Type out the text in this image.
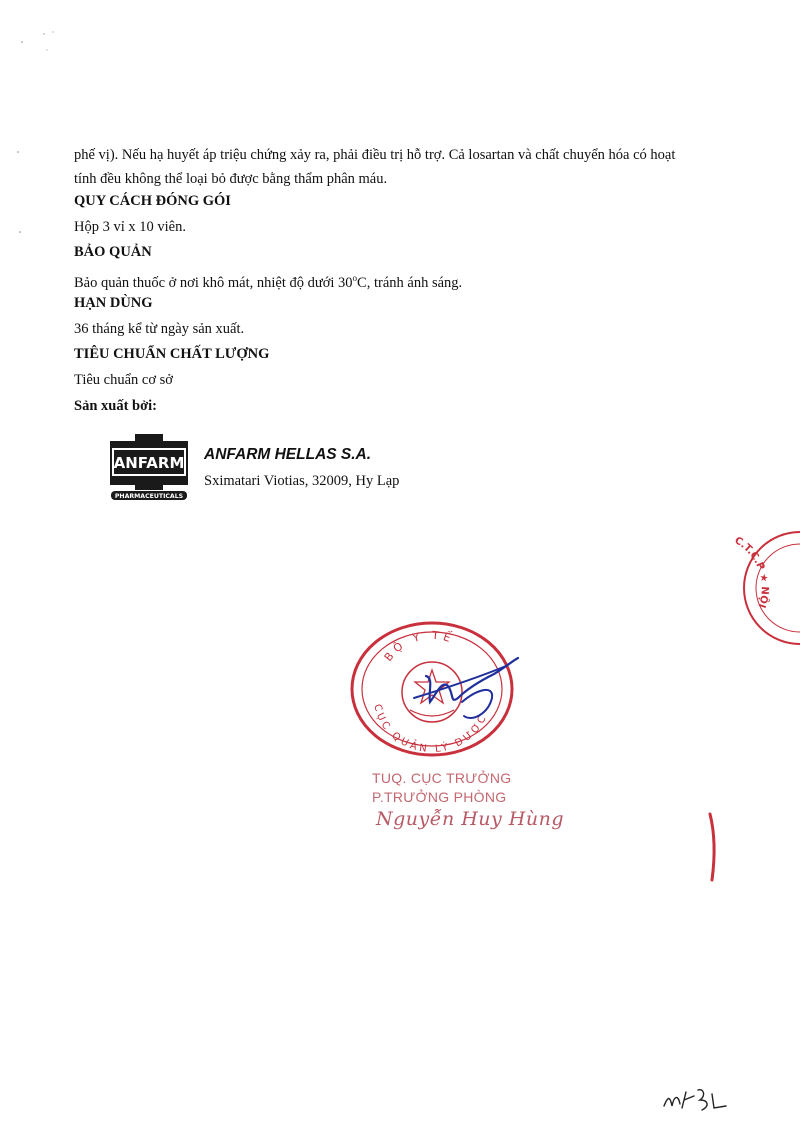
phế vị). Nếu hạ huyết áp triệu chứng xảy ra, phải điều trị hỗ trợ. Cả losartan và chất chuyển hóa có hoạt
tính đều không thể loại bỏ được bằng thẩm phân máu.
QUY CÁCH ĐÓNG GÓI
Hộp 3 vỉ x 10 viên.
BẢO QUẢN
Bảo quản thuốc ở nơi khô mát, nhiệt độ dưới 30$^o$C, tránh ánh sáng.
HẠN DÙNG
36 tháng kể từ ngày sản xuất.
TIÊU CHUẨN CHẤT LƯỢNG
Tiêu chuẩn cơ sở
Sản xuất bởi:
ANFARM
PHARMACEUTICALS
ANFARM HELLAS S.A.
Sximatari Viotias, 32009, Hy Lạp
C.T.C.P ★ NỘI
BỘ Y TẾ
CỤC QUẢN LÝ DƯỢC
TUQ. CỤC TRƯỞNG
P.TRƯỞNG PHÒNG
Nguyễn Huy Hùng
